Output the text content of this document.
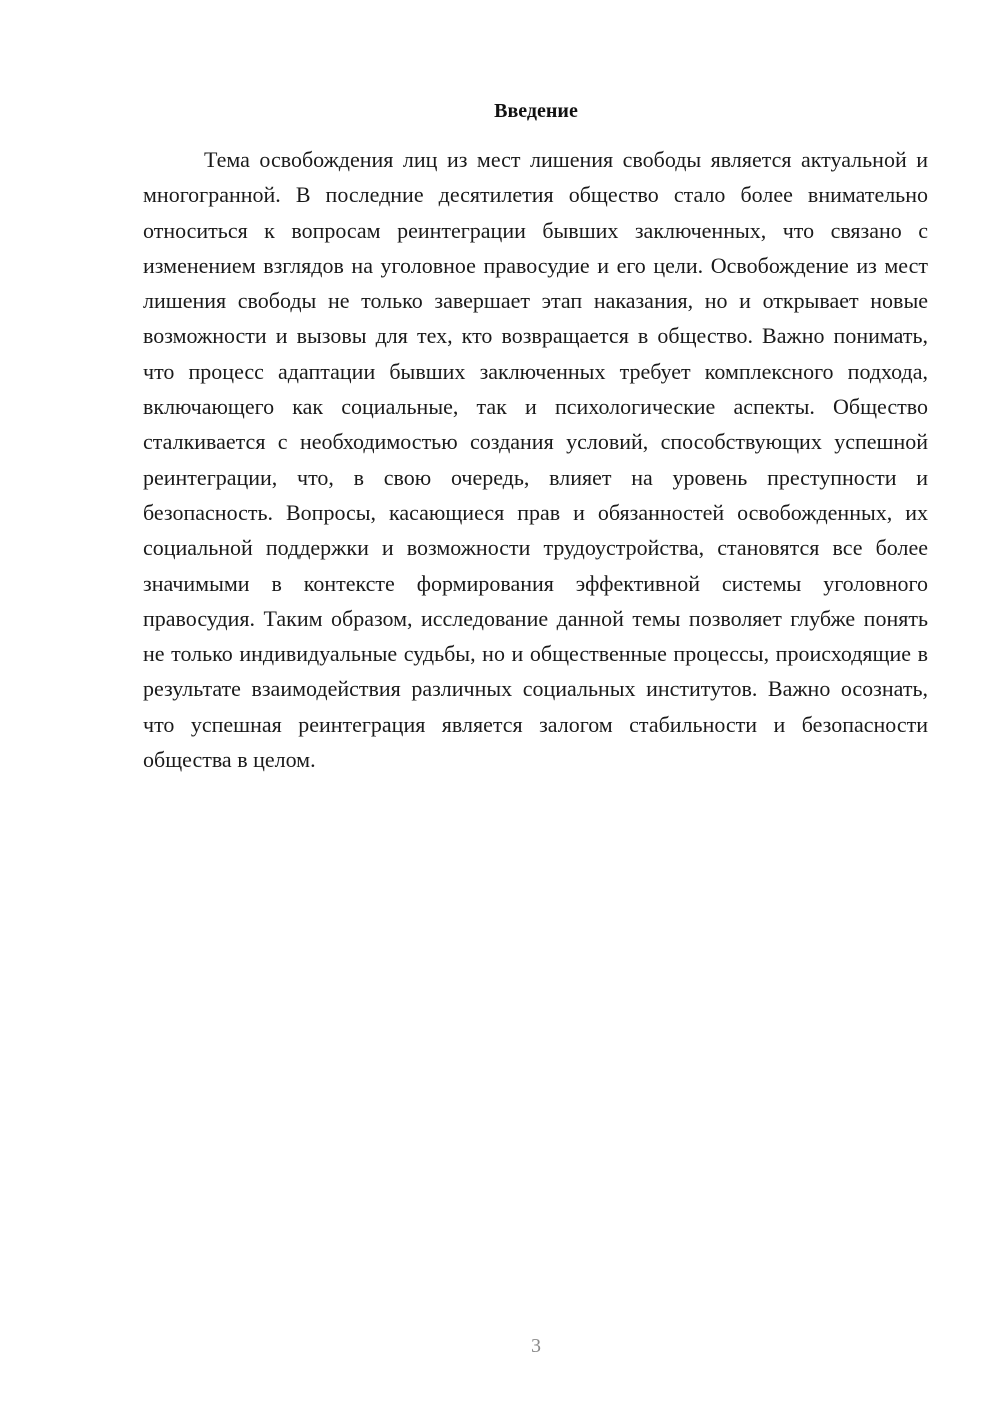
Введение

Тема освобождения лиц из мест лишения свободы является актуальной и многогранной. В последние десятилетия общество стало более внимательно относиться к вопросам реинтеграции бывших заключенных, что связано с изменением взглядов на уголовное правосудие и его цели. Освобождение из мест лишения свободы не только завершает этап наказания, но и открывает новые возможности и вызовы для тех, кто возвращается в общество. Важно понимать, что процесс адаптации бывших заключенных требует комплексного подхода, включающего как социальные, так и психологические аспекты. Общество сталкивается с необходимостью создания условий, способствующих успешной реинтеграции, что, в свою очередь, влияет на уровень преступности и безопасность. Вопросы, касающиеся прав и обязанностей освобожденных, их социальной поддержки и возможности трудоустройства, становятся все более значимыми в контексте формирования эффективной системы уголовного правосудия. Таким образом, исследование данной темы позволяет глубже понять не только индивидуальные судьбы, но и общественные процессы, происходящие в результате взаимодействия различных социальных институтов. Важно осознать, что успешная реинтеграция является залогом стабильности и безопасности общества в целом.

3
